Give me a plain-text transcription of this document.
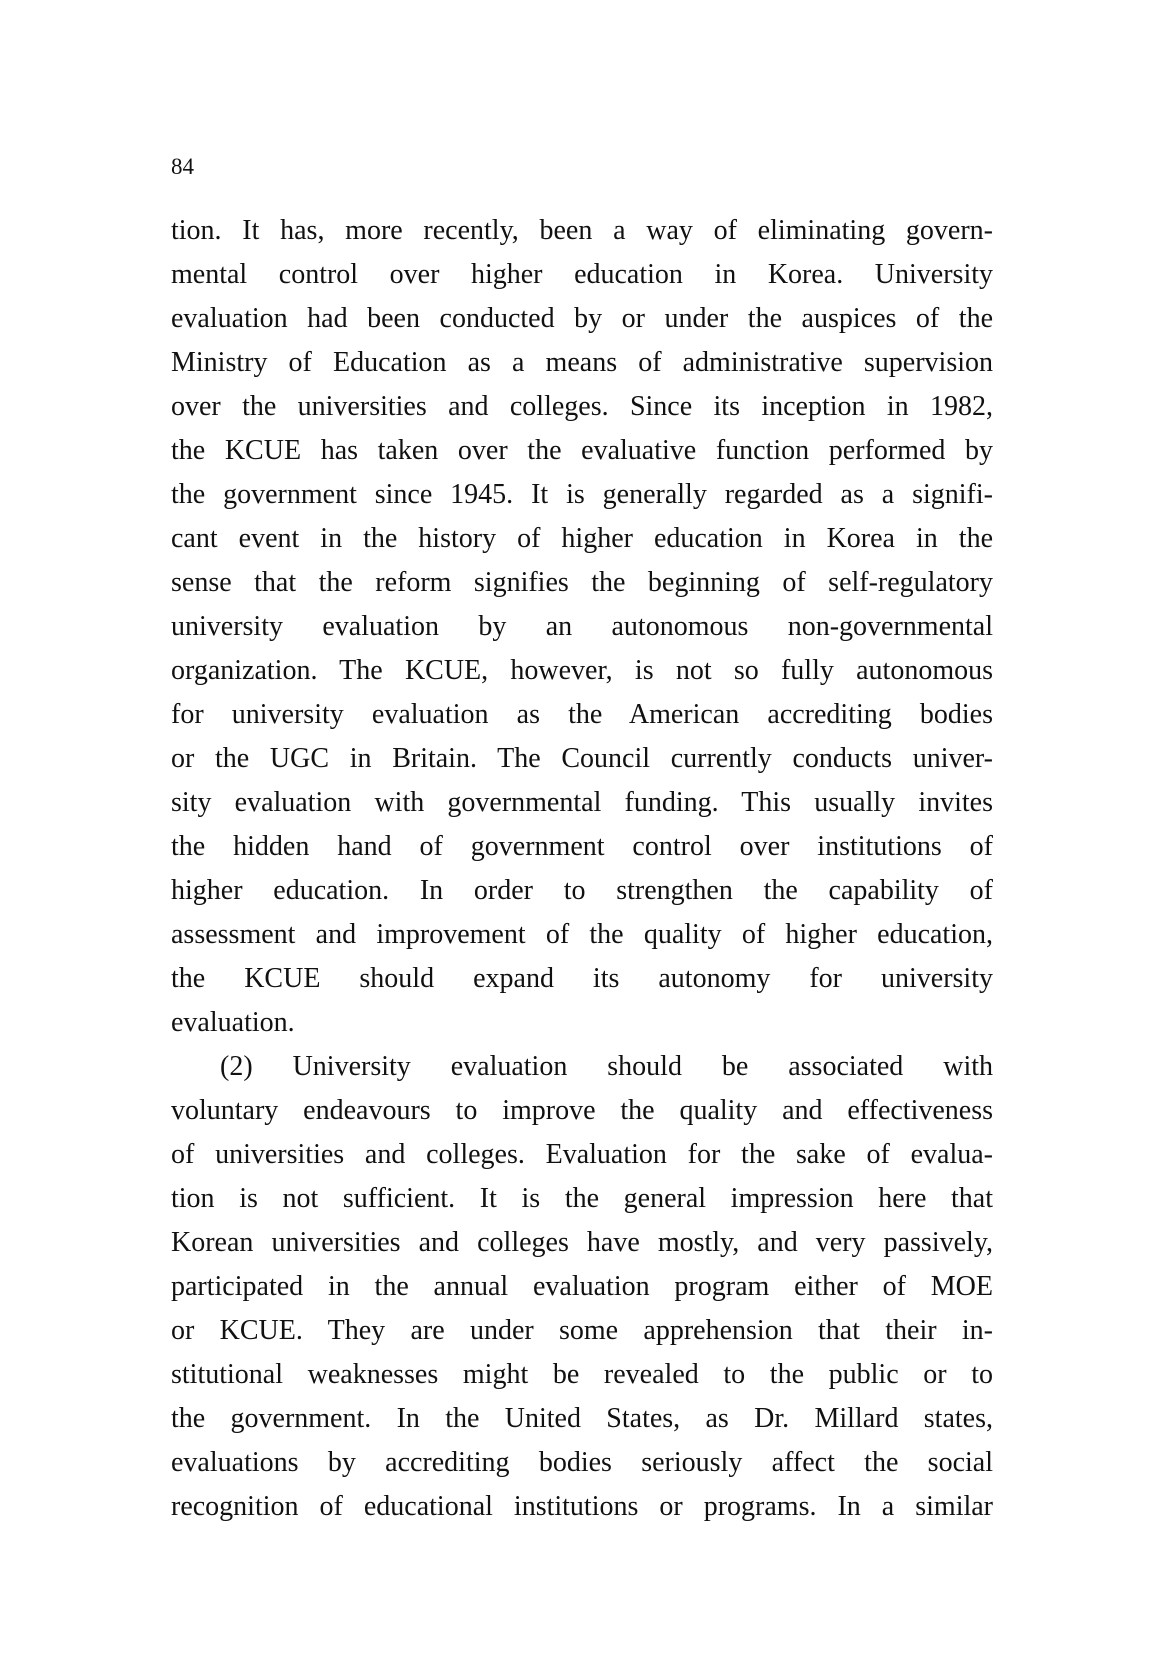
84
tion. It has, more recently, been a way of eliminating govern-
mental control over higher education in Korea. University
evaluation had been conducted by or under the auspices of the
Ministry of Education as a means of administrative supervision
over the universities and colleges. Since its inception in 1982,
the KCUE has taken over the evaluative function performed by
the government since 1945. It is generally regarded as a signifi-
cant event in the history of higher education in Korea in the
sense that the reform signifies the beginning of self-regulatory
university evaluation by an autonomous non-governmental
organization. The KCUE, however, is not so fully autonomous
for university evaluation as the American accrediting bodies
or the UGC in Britain. The Council currently conducts univer-
sity evaluation with governmental funding. This usually invites
the hidden hand of government control over institutions of
higher education. In order to strengthen the capability of
assessment and improvement of the quality of higher education,
the KCUE should expand its autonomy for university
evaluation.
(2) University evaluation should be associated with
voluntary endeavours to improve the quality and effectiveness
of universities and colleges. Evaluation for the sake of evalua-
tion is not sufficient. It is the general impression here that
Korean universities and colleges have mostly, and very passively,
participated in the annual evaluation program either of MOE
or KCUE. They are under some apprehension that their in-
stitutional weaknesses might be revealed to the public or to
the government. In the United States, as Dr. Millard states,
evaluations by accrediting bodies seriously affect the social
recognition of educational institutions or programs. In a similar
